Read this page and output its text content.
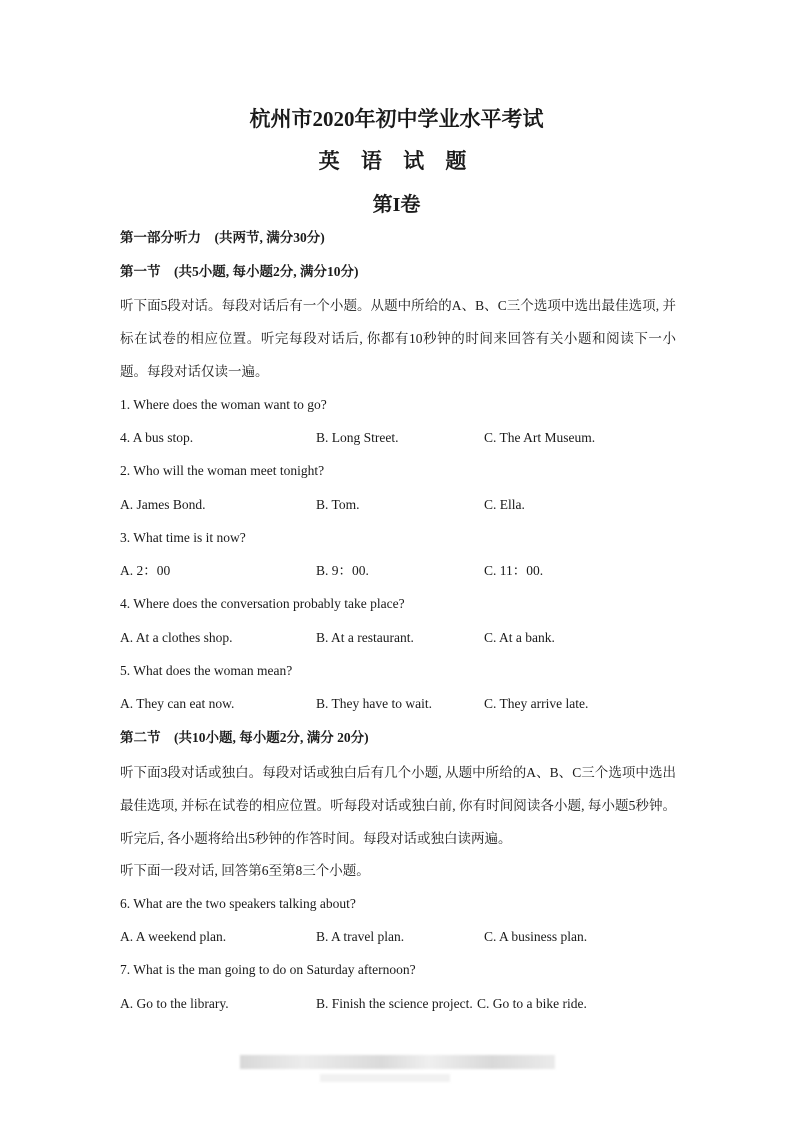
杭州市2020年初中学业水平考试
英 语 试 题
第I卷
第一部分听力　(共两节, 满分30分)
第一节　(共5小题, 每小题2分, 满分10分)

听下面5段对话。每段对话后有一个小题。从题中所给的A、B、C三个选项中选出最佳选项, 并标在试卷的相应位置。听完每段对话后, 你都有10秒钟的时间来回答有关小题和阅读下一小题。每段对话仅读一遍。

1. Where does the woman want to go?
4. A bus stop.	B. Long Street.	C. The Art Museum.
2. Who will the woman meet tonight?
A. James Bond.	B. Tom.	C. Ella.
3. What time is it now?
A. 2：00	B. 9：00.	C. 11：00.
4. Where does the conversation probably take place?
A. At a clothes shop.	B. At a restaurant.	C. At a bank.
5. What does the woman mean?
A. They can eat now.	B. They have to wait.	C. They arrive late.
第二节　(共10小题, 每小题2分, 满分 20分)

听下面3段对话或独白。每段对话或独白后有几个小题, 从题中所给的A、B、C三个选项中选出最佳选项, 并标在试卷的相应位置。听每段对话或独白前, 你有时间阅读各小题, 每小题5秒钟。听完后, 各小题将给出5秒钟的作答时间。每段对话或独白读两遍。

听下面一段对话, 回答第6至第8三个小题。
6. What are the two speakers talking about?
A. A weekend plan.	B. A travel plan.	C. A business plan.
7. What is the man going to do on Saturday afternoon?
A. Go to the library.	B. Finish the science project. C. Go to a bike ride.
